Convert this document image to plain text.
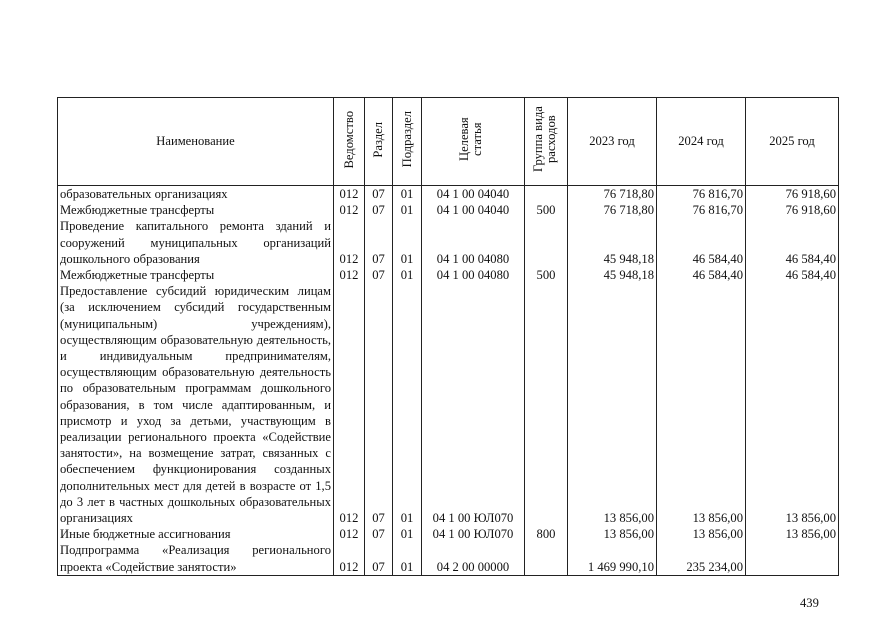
Наименование	Ведомство	Раздел	Подраздел	Целевая статья	Группа вида расходов	2023 год	2024 год	2025 год
образовательных организациях	012	07	01	04 1 00 04040		76 718,80	76 816,70	76 918,60
Межбюджетные трансферты	012	07	01	04 1 00 04040	500	76 718,80	76 816,70	76 918,60
Проведение капитального ремонта зданий и сооружений муниципальных организаций дошкольного образования	012	07	01	04 1 00 04080		45 948,18	46 584,40	46 584,40
Межбюджетные трансферты	012	07	01	04 1 00 04080	500	45 948,18	46 584,40	46 584,40
Предоставление субсидий юридическим лицам (за исключением субсидий государственным (муниципальным) учреждениям), осуществляющим образовательную деятельность, и индивидуальным предпринимателям, осуществляющим образовательную деятельность по образовательным программам дошкольного образования, в том числе адаптированным, и присмотр и уход за детьми, участвующим в реализации регионального проекта «Содействие занятости», на возмещение затрат, связанных с обеспечением функционирования созданных дополнительных мест для детей в возрасте от 1,5 до 3 лет в частных дошкольных образовательных организациях	012	07	01	04 1 00 ЮЛ070		13 856,00	13 856,00	13 856,00
Иные бюджетные ассигнования	012	07	01	04 1 00 ЮЛ070	800	13 856,00	13 856,00	13 856,00
Подпрограмма «Реализация регионального проекта «Содействие занятости»	012	07	01	04 2 00 00000		1 469 990,10	235 234,00	
439
